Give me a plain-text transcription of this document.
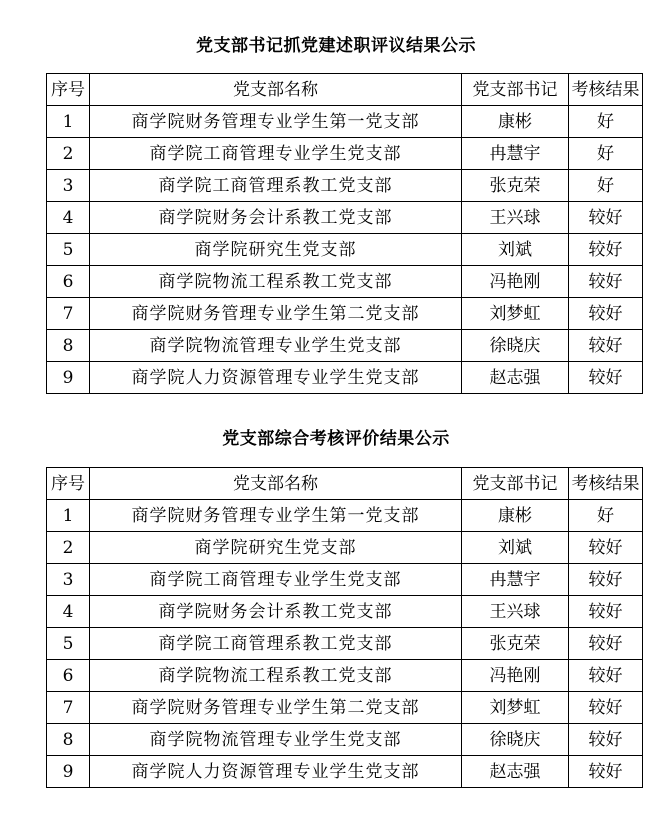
党支部书记抓党建述职评议结果公示
序号	党支部名称	党支部书记	考核结果
1	商学院财务管理专业学生第一党支部	康彬	好
2	商学院工商管理专业学生党支部	冉慧宇	好
3	商学院工商管理系教工党支部	张克荣	好
4	商学院财务会计系教工党支部	王兴球	较好
5	商学院研究生党支部	刘斌	较好
6	商学院物流工程系教工党支部	冯艳刚	较好
7	商学院财务管理专业学生第二党支部	刘梦虹	较好
8	商学院物流管理专业学生党支部	徐晓庆	较好
9	商学院人力资源管理专业学生党支部	赵志强	较好
党支部综合考核评价结果公示
序号	党支部名称	党支部书记	考核结果
1	商学院财务管理专业学生第一党支部	康彬	好
2	商学院研究生党支部	刘斌	较好
3	商学院工商管理专业学生党支部	冉慧宇	较好
4	商学院财务会计系教工党支部	王兴球	较好
5	商学院工商管理系教工党支部	张克荣	较好
6	商学院物流工程系教工党支部	冯艳刚	较好
7	商学院财务管理专业学生第二党支部	刘梦虹	较好
8	商学院物流管理专业学生党支部	徐晓庆	较好
9	商学院人力资源管理专业学生党支部	赵志强	较好
